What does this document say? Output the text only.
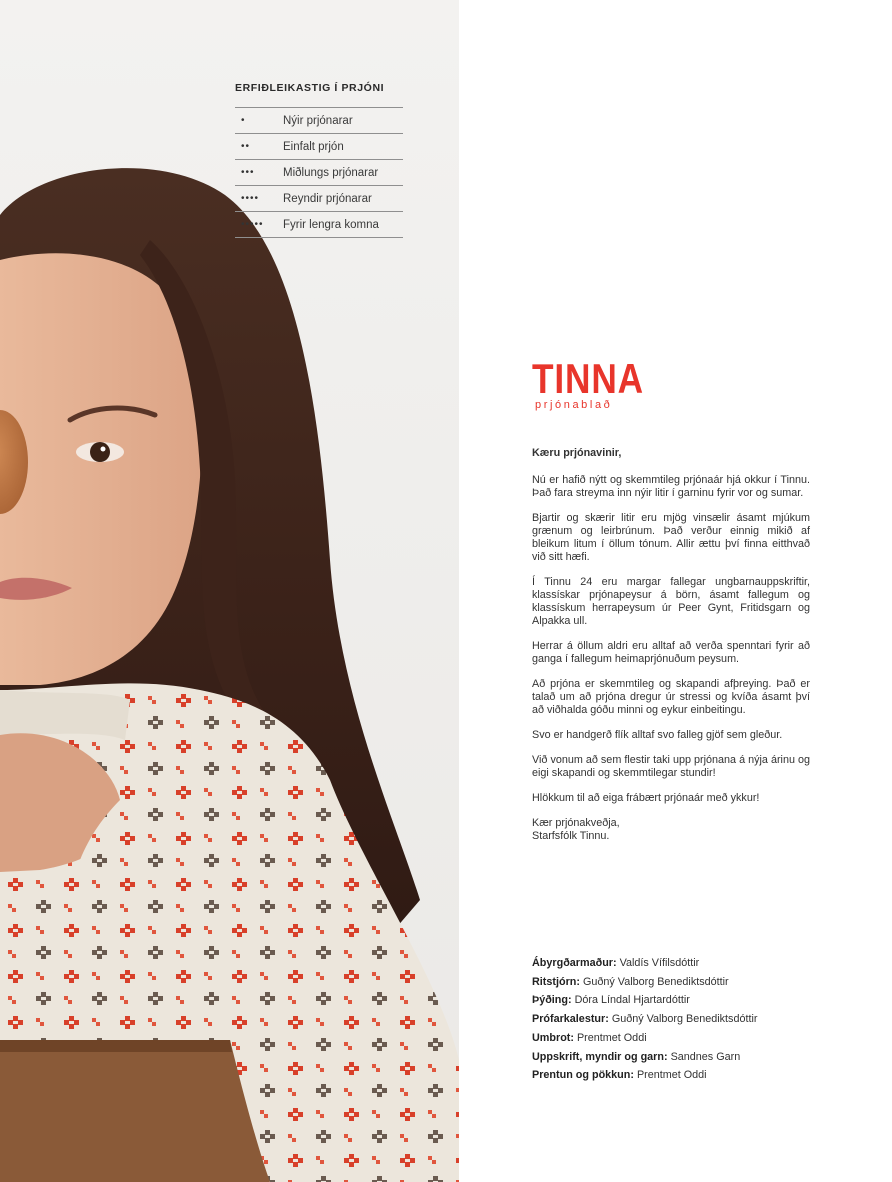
ERFIÐLEIKASTIG Í PRJÓNI
•	Nýir prjónarar
••	Einfalt prjón
•••	Miðlungs prjónarar
••••	Reyndir prjónarar
•••••	Fyrir lengra komna
TINNA
prjónablað

Kæru prjónavinir,

Nú er hafið nýtt og skemmtileg prjónaár hjá okkur í Tinnu. Það fara streyma inn nýir litir í garninu fyrir vor og sumar.

Bjartir og skærir litir eru mjög vinsælir ásamt mjúkum grænum og leirbrúnum. Það verður einnig mikið af bleikum litum í öllum tónum. Allir ættu því finna eitthvað við sitt hæfi.

Í Tinnu 24 eru margar fallegar ungbarnauppskriftir, klassískar prjónapeysur á börn, ásamt fallegum og klassískum herrapeysum úr Peer Gynt, Fritidsgarn og Alpakka ull.

Herrar á öllum aldri eru alltaf að verða spenntari fyrir að ganga í fallegum heimaprjónuðum peysum.

Að prjóna er skemmtileg og skapandi afþreying. Það er talað um að prjóna dregur úr stressi og kvíða ásamt því að viðhalda góðu minni og eykur einbeitingu.

Svo er handgerð flík alltaf svo falleg gjöf sem gleður.

Við vonum að sem flestir taki upp prjónana á nýja árinu og eigi skapandi og skemmtilegar stundir!

Hlökkum til að eiga frábært prjónaár með ykkur!

Kær prjónakveðja,
Starfsfólk Tinnu.

Ábyrgðarmaður: Valdís Vífilsdóttir
Ritstjórn: Guðný Valborg Benediktsdóttir
Þýðing: Dóra Líndal Hjartardóttir
Prófarkalestur: Guðný Valborg Benediktsdóttir
Umbrot: Prentmet Oddi
Uppskrift, myndir og garn: Sandnes Garn
Prentun og pökkun: Prentmet Oddi
